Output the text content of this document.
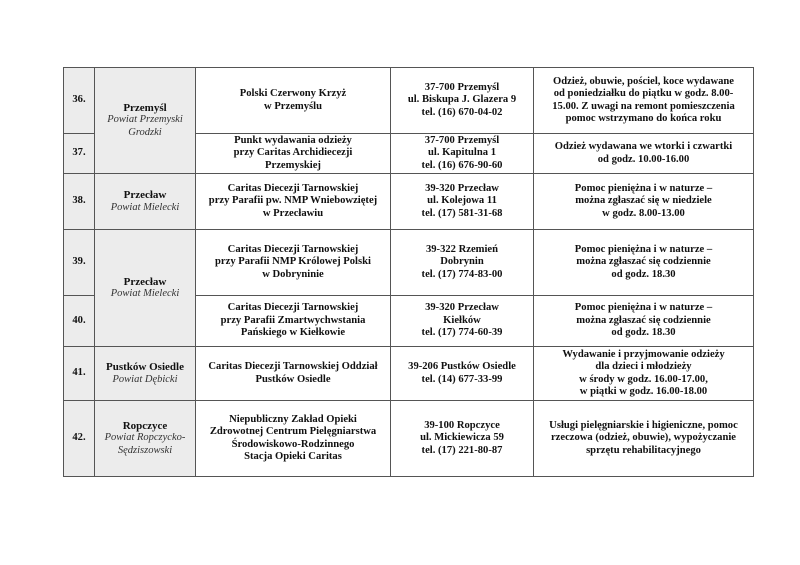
36.	Przemyśl
Powiat Przemyski
Grodzki	Polski Czerwony Krzyż
w Przemyślu	37-700 Przemyśl
ul. Biskupa J. Glazera 9
tel. (16) 670-04-02	Odzież, obuwie, pościel, koce wydawane
od poniedziałku do piątku w godz. 8.00-
15.00. Z uwagi na remont pomieszczenia
pomoc wstrzymano do końca roku

37.		Punkt wydawania odzieży
przy Caritas Archidiecezji
Przemyskiej	37-700 Przemyśl
ul. Kapitulna 1
tel. (16) 676-90-60	Odzież wydawana we wtorki i czwartki
od godz. 10.00-16.00

38.	Przecław
Powiat Mielecki	Caritas Diecezji Tarnowskiej
przy Parafii pw. NMP Wniebowziętej
w Przecławiu	39-320 Przecław
ul. Kolejowa 11
tel. (17) 581-31-68	Pomoc pieniężna i w naturze –
można zgłaszać się w niedziele
w godz. 8.00-13.00

39.	Przecław
Powiat Mielecki	Caritas Diecezji Tarnowskiej
przy Parafii NMP Królowej Polski
w Dobryninie	39-322 Rzemień
Dobrynin
tel. (17) 774-83-00	Pomoc pieniężna i w naturze –
można zgłaszać się codziennie
od godz. 18.30

40.		Caritas Diecezji Tarnowskiej
przy Parafii Zmartwychwstania
Pańskiego w Kiełkowie	39-320 Przecław
Kiełków
tel. (17) 774-60-39	Pomoc pieniężna i w naturze –
można zgłaszać się codziennie
od godz. 18.30

41.	Pustków Osiedle
Powiat Dębicki	Caritas Diecezji Tarnowskiej Oddział
Pustków Osiedle	39-206 Pustków Osiedle
tel. (14) 677-33-99	Wydawanie i przyjmowanie odzieży
dla dzieci i młodzieży
w środy w godz. 16.00-17.00,
w piątki w godz. 16.00-18.00

42.	Ropczyce
Powiat Ropczycko-
Sędziszowski	Niepubliczny Zakład Opieki
Zdrowotnej Centrum Pielęgniarstwa
Środowiskowo-Rodzinnego
Stacja Opieki Caritas	39-100 Ropczyce
ul. Mickiewicza 59
tel. (17) 221-80-87	Usługi pielęgniarskie i higieniczne, pomoc
rzeczowa (odzież, obuwie), wypożyczanie
sprzętu rehabilitacyjnego
